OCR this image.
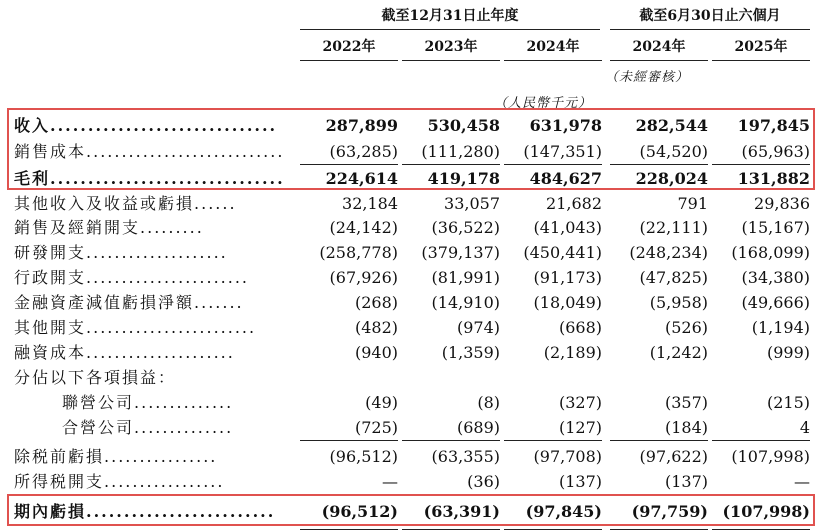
截至12月31日止年度	截至6月30日止六個月
2022年	2023年	2024年	2024年	2025年
（未經審核）
（人民幣千元）
收入..............................	287,899	530,458	631,978	282,544	197,845
銷售成本............................	(63,285)	(111,280)	(147,351)	(54,520)	(65,963)
毛利...............................	224,614	419,178	484,627	228,024	131,882
其他收入及收益或虧損......	32,184	33,057	21,682	791	29,836
銷售及經銷開支.........	(24,142)	(36,522)	(41,043)	(22,111)	(15,167)
研發開支....................	(258,778)	(379,137)	(450,441)	(248,234)	(168,099)
行政開支.......................	(67,926)	(81,991)	(91,173)	(47,825)	(34,380)
金融資產減值虧損淨額.......	(268)	(14,910)	(18,049)	(5,958)	(49,666)
其他開支........................	(482)	(974)	(668)	(526)	(1,194)
融資成本.....................	(940)	(1,359)	(2,189)	(1,242)	(999)
分佔以下各項損益：
聯營公司..............	(49)	(8)	(327)	(357)	(215)
合營公司..............	(725)	(689)	(127)	(184)	4
除税前虧損................	(96,512)	(63,355)	(97,708)	(97,622)	(107,998)
所得税開支.................	—	(36)	(137)	(137)	—
期內虧損.........................	(96,512)	(63,391)	(97,845)	(97,759) (107,998)
